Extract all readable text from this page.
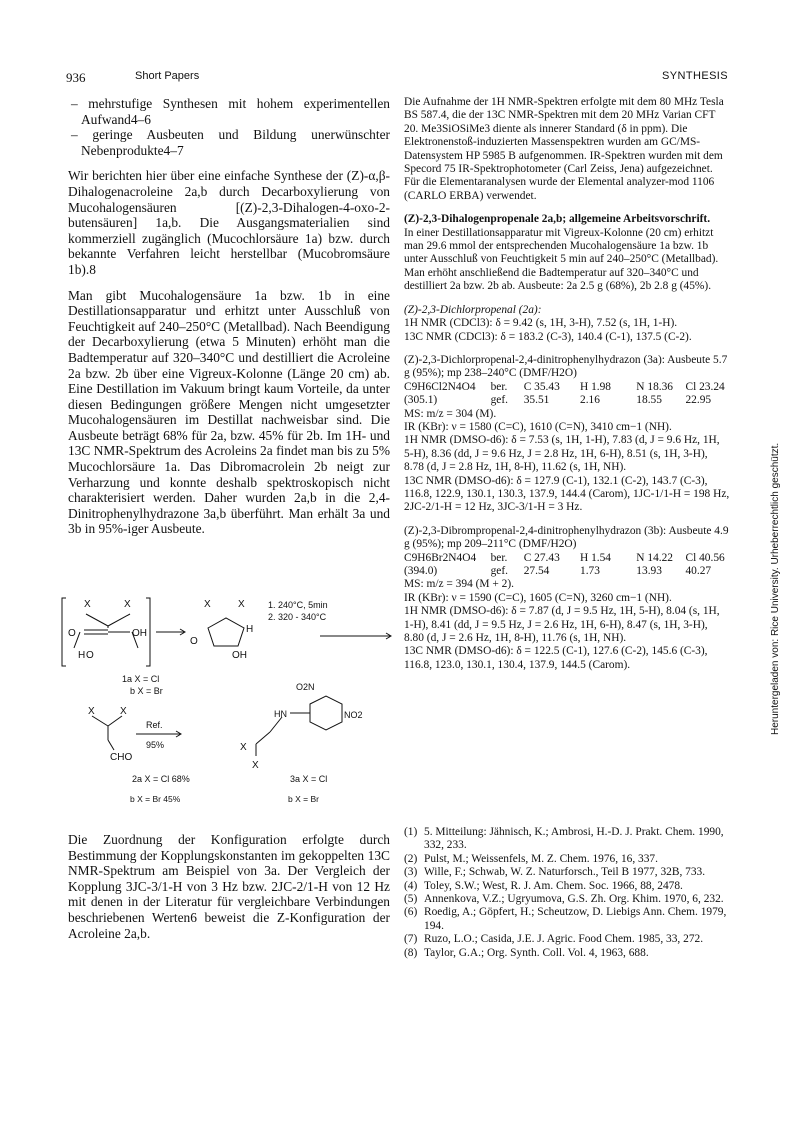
936	Short Papers	SYNTHESIS
Heruntergeladen von: Rice University. Urheberrechtlich geschützt.

– mehrstufige Synthesen mit hohem experimentellen Aufwand4–6

– geringe Ausbeuten und Bildung unerwünschter Nebenprodukte4–7

Wir berichten hier über eine einfache Synthese der (Z)-α,β-Dihalogenacroleine 2a,b durch Decarboxylierung von Mucohalogensäuren [(Z)-2,3-Dihalogen-4-oxo-2-butensäuren] 1a,b. Die Ausgangsmaterialien sind kommerziell zugänglich (Mucochlorsäure 1a) bzw. durch bekannte Verfahren leicht herstellbar (Mucobromsäure 1b).8

Man gibt Mucohalogensäure 1a bzw. 1b in eine Destillationsapparatur und erhitzt unter Ausschluß von Feuchtigkeit auf 240–250°C (Metallbad). Nach Beendigung der Decarboxylierung (etwa 5 Minuten) erhöht man die Badtemperatur auf 320–340°C und destilliert die Acroleine 2a bzw. 2b über eine Vigreux-Kolonne (Länge 20 cm) ab. Eine Destillation im Vakuum bringt kaum Vorteile, da unter diesen Bedingungen größere Mengen nicht umgesetzter Mucohalogensäuren im Destillat nachweisbar sind. Die Ausbeute beträgt 68% für 2a, bzw. 45% für 2b. Im 1H- und 13C NMR-Spektrum des Acroleins 2a findet man bis zu 5% Mucochlorsäure 1a. Das Dibromacrolein 2b neigt zur Verharzung und konnte deshalb spektroskopisch nicht charakterisiert werden. Daher wurden 2a,b in die 2,4-Dinitrophenylhydrazone 3a,b überführt. Man erhält 3a und 3b in 95%-iger Ausbeute.

X	X
O	OH
H O
X	X
H
O
OH
1. 240°C, 5min
2. 320 - 340°C
1a X = Cl
b X = Br
X	X
CHO
Ref.
95%
O2N
NO2
HN
X
X
2a X = Cl 68%	3a X = Cl
b X = Br 45%	b X = Br

Die Zuordnung der Konfiguration erfolgte durch Bestimmung der Kopplungskonstanten im gekoppelten 13C NMR-Spektrum am Beispiel von 3a. Der Vergleich der Kopplung 3JC-3/1-H von 3 Hz bzw. 2JC-2/1-H von 12 Hz mit denen in der Literatur für vergleichbare Verbindungen beschriebenen Werten6 beweist die Z-Konfiguration der Acroleine 2a,b.

Die Aufnahme der 1H NMR-Spektren erfolgte mit dem 80 MHz Tesla BS 587.4, die der 13C NMR-Spektren mit dem 20 MHz Varian CFT 20. Me3SiOSiMe3 diente als innerer Standard (δ in ppm). Die Elektronenstoß-induzierten Massenspektren wurden am GC/MS-Datensystem HP 5985 B aufgenommen. IR-Spektren wurden mit dem Specord 75 IR-Spektrophotometer (Carl Zeiss, Jena) aufgezeichnet. Für die Elementaranalysen wurde der Elemental analyzer-mod 1106 (CARLO ERBA) verwendet.

(Z)-2,3-Dihalogenpropenale 2a,b; allgemeine Arbeitsvorschrift.

In einer Destillationsapparatur mit Vigreux-Kolonne (20 cm) erhitzt man 29.6 mmol der entsprechenden Mucohalogensäure 1a bzw. 1b unter Ausschluß von Feuchtigkeit 5 min auf 240–250°C (Metallbad). Man erhöht anschließend die Badtemperatur auf 320–340°C und destilliert 2a bzw. 2b ab. Ausbeute: 2a 2.5 g (68%), 2b 2.8 g (45%).

(Z)-2,3-Dichlorpropenal (2a):

1H NMR (CDCl3): δ = 9.42 (s, 1H, 3-H), 7.52 (s, 1H, 1-H).

13C NMR (CDCl3): δ = 183.2 (C-3), 140.4 (C-1), 137.5 (C-2).

(Z)-2,3-Dichlorpropenal-2,4-dinitrophenylhydrazon (3a): Ausbeute 5.7 g (95%); mp 238–240°C (DMF/H2O)

C9H6Cl2N4O4	ber.	C 35.43	H 1.98	N 18.36 Cl 23.24
(305.1)	gef.	35.51	2.16	18.55	22.95

MS: m/z = 304 (M).

IR (KBr): ν = 1580 (C=C), 1610 (C=N), 3410 cm−1 (NH).

1H NMR (DMSO-d6): δ = 7.53 (s, 1H, 1-H), 7.83 (d, J = 9.6 Hz, 1H, 5-H), 8.36 (dd, J = 9.6 Hz, J = 2.8 Hz, 1H, 6-H), 8.51 (s, 1H, 3-H), 8.78 (d, J = 2.8 Hz, 1H, 8-H), 11.62 (s, 1H, NH).

13C NMR (DMSO-d6): δ = 127.9 (C-1), 132.1 (C-2), 143.7 (C-3), 116.8, 122.9, 130.1, 130.3, 137.9, 144.4 (Carom), 1JC-1/1-H = 198 Hz, 2JC-2/1-H = 12 Hz, 3JC-3/1-H = 3 Hz.

(Z)-2,3-Dibrompropenal-2,4-dinitrophenylhydrazon (3b): Ausbeute 4.9 g (95%); mp 209–211°C (DMF/H2O)

C9H6Br2N4O4	ber.	C 27.43	H 1.54	N 14.22 Cl 40.56
(394.0)	gef.	27.54	1.73	13.93	40.27

MS: m/z = 394 (M + 2).

IR (KBr): ν = 1590 (C=C), 1605 (C=N), 3260 cm−1 (NH).

1H NMR (DMSO-d6): δ = 7.87 (d, J = 9.5 Hz, 1H, 5-H), 8.04 (s, 1H, 1-H), 8.41 (dd, J = 9.5 Hz, J = 2.6 Hz, 1H, 6-H), 8.47 (s, 1H, 3-H), 8.80 (d, J = 2.6 Hz, 1H, 8-H), 11.76 (s, 1H, NH).

13C NMR (DMSO-d6): δ = 122.5 (C-1), 127.6 (C-2), 145.6 (C-3), 116.8, 123.0, 130.1, 130.4, 137.9, 144.5 (Carom).

(1) 5. Mitteilung: Jähnisch, K.; Ambrosi, H.-D. J. Prakt. Chem. 1990, 332, 233.
(2) Pulst, M.; Weissenfels, M. Z. Chem. 1976, 16, 337.
(3) Wille, F.; Schwab, W. Z. Naturforsch., Teil B 1977, 32B, 733.
(4) Toley, S.W.; West, R. J. Am. Chem. Soc. 1966, 88, 2478.
(5) Annenkova, V.Z.; Ugryumova, G.S. Zh. Org. Khim. 1970, 6, 232.
(6) Roedig, A.; Göpfert, H.; Scheutzow, D. Liebigs Ann. Chem. 1979, 194.
(7) Ruzo, L.O.; Casida, J.E. J. Agric. Food Chem. 1985, 33, 272.
(8) Taylor, G.A.; Org. Synth. Coll. Vol. 4, 1963, 688.
